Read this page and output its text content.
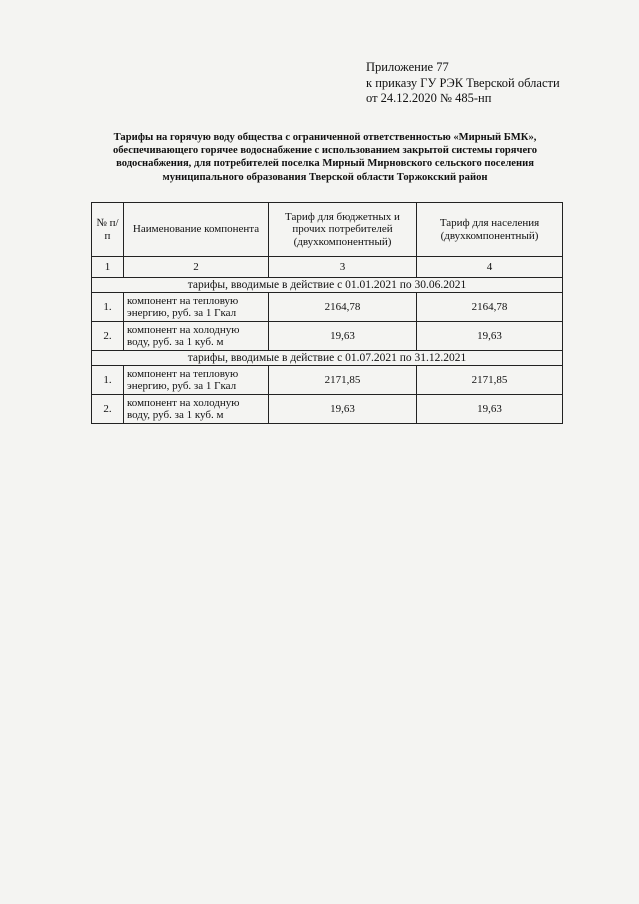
Приложение 77
к приказу ГУ РЭК Тверской области
от 24.12.2020 № 485-нп
Тарифы на горячую воду общества с ограниченной ответственностью «Мирный БМК»,
обеспечивающего горячее водоснабжение с использованием закрытой системы горячего
водоснабжения, для потребителей поселка Мирный Мирновского сельского поселения
муниципального образования Тверской области Торжокский район
№ п/п	Наименование компонента	Тариф для бюджетных и прочих потребителей (двухкомпонентный)	Тариф для населения (двухкомпонентный)
1	2	3	4
тарифы, вводимые в действие с 01.01.2021 по 30.06.2021			
1.	компонент на тепловую энергию, руб. за 1 Гкал	2164,78	2164,78
2.	компонент на холодную воду, руб. за 1 куб. м	19,63	19,63
тарифы, вводимые в действие с 01.07.2021 по 31.12.2021			
1.	компонент на тепловую энергию, руб. за 1 Гкал	2171,85	2171,85
2.	компонент на холодную воду, руб. за 1 куб. м	19,63	19,63
